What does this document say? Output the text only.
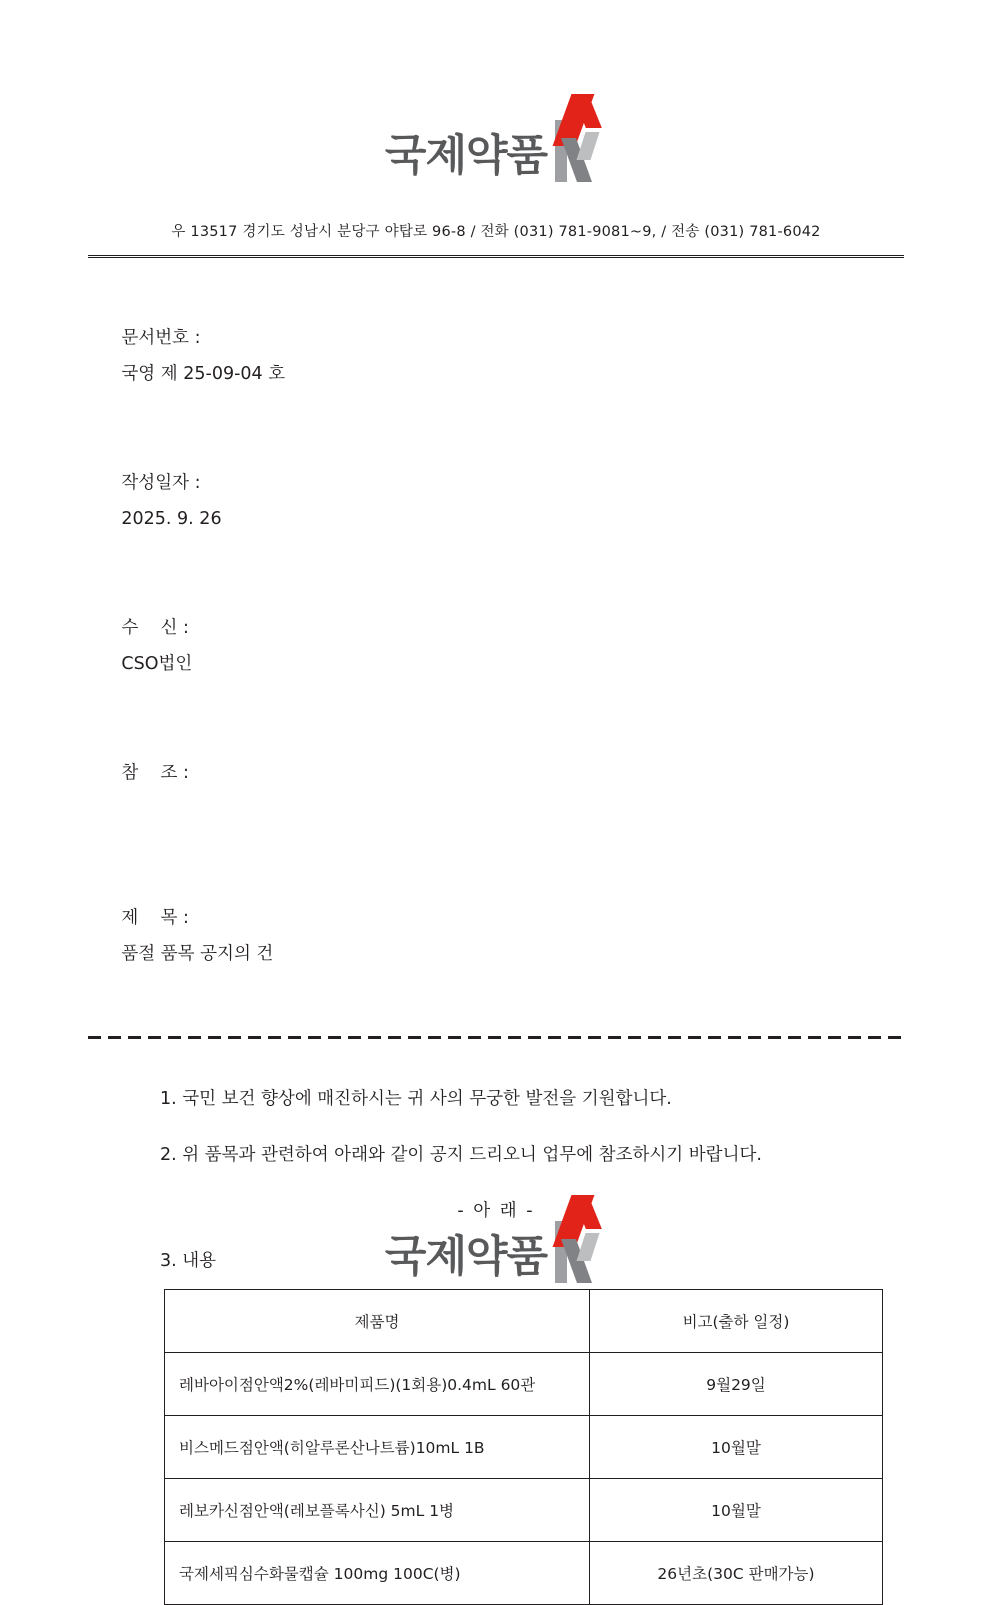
국제약품
우 13517 경기도 성남시 분당구 야탑로 96-8 / 전화 (031) 781-9081~9, / 전송 (031) 781-6042

문서번호 :
국영 제 25-09-04 호

작성일자 :
2025. 9. 26

수    신 :
CSO법인

참    조 :

제    목 :
품절 품목 공지의 건

1. 국민 보건 향상에 매진하시는 귀 사의 무궁한 발전을 기원합니다.
2. 위 품목과 관련하여 아래와 같이 공지 드리오니 업무에 참조하시기 바랍니다.
- 아 래 -
3. 내용
제품명	비고(출하 일정)
레바아이점안액2%(레바미피드)(1회용)0.4mL 60관	9월29일
비스메드점안액(히알루론산나트륨)10mL 1B	10월말
레보카신점안액(레보플록사신) 5mL 1병	10월말
국제세픽심수화물캡슐 100mg 100C(병)	26년초(30C 판매가능)
국제약품
